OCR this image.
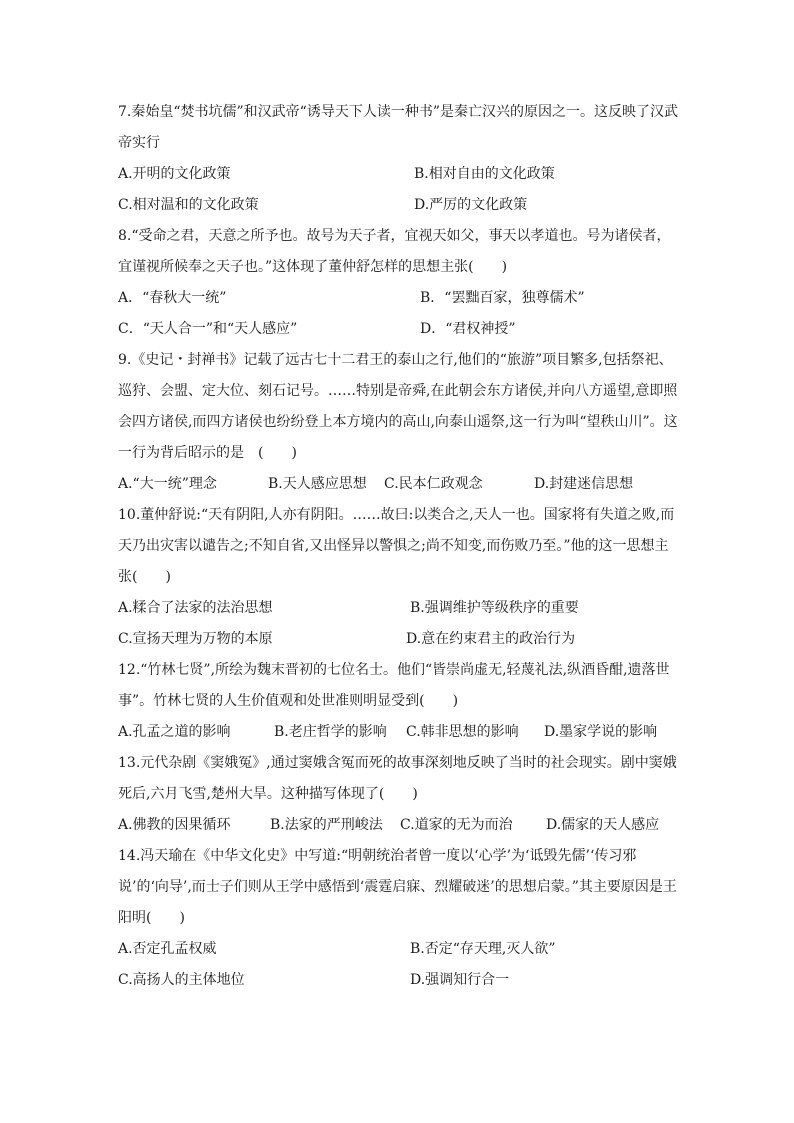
7.秦始皇“焚书坑儒”和汉武帝“诱导天下人读一种书”是秦亡汉兴的原因之一。这反映了汉武帝实行

A.开明的文化政策	B.相对自由的文化政策
C.相对温和的文化政策	D.严厉的文化政策

8.“受命之君，天意之所予也。故号为天子者，宜视天如父，事天以孝道也。号为诸侯者，宜谨视所候奉之天子也。”这体现了董仲舒怎样的思想主张(　　)

A．“春秋大一统”	B．“罢黜百家，独尊儒术”
C．“天人合一”和“天人感应”	D．“君权神授”

9.《史记・封禅书》记载了远古七十二君王的泰山之行,他们的“旅游”项目繁多,包括祭祀、巡狩、会盟、定大位、刻石记号。……特别是帝舜,在此朝会东方诸侯,并向八方遥望,意即照会四方诸侯,而四方诸侯也纷纷登上本方境内的高山,向泰山遥祭,这一行为叫“望秩山川”。这一行为背后昭示的是　(　　)

A.“大一统”理念	B.天人感应思想 C.民本仁政观念	D.封建迷信思想

10.董仲舒说:“天有阴阳,人亦有阴阳。……故曰:以类合之,天人一也。国家将有失道之败,而天乃出灾害以谴告之;不知自省,又出怪异以警惧之;尚不知变,而伤败乃至。”他的这一思想主张(　　)

A.糅合了法家的法治思想	B.强调维护等级秩序的重要
C.宣扬天理为万物的本原	D.意在约束君主的政治行为

12.“竹林七贤”,所绘为魏末晋初的七位名士。他们“皆崇尚虚无,轻蔑礼法,纵酒昏酣,遗落世事”。竹林七贤的人生价值观和处世准则明显受到(　　)

A.孔孟之道的影响	B.老庄哲学的影响 C.韩非思想的影响 D.墨家学说的影响

13.元代杂剧《窦娥冤》,通过窦娥含冤而死的故事深刻地反映了当时的社会现实。剧中窦娥死后,六月飞雪,楚州大旱。这种描写体现了(　　)

A.佛教的因果循环	B.法家的严刑峻法 C.道家的无为而治 D.儒家的天人感应

14.冯天瑜在《中华文化史》中写道:“明朝统治者曾一度以‘心学’为‘诋毁先儒’‘传习邪说’的‘向导’,而士子们则从王学中感悟到‘震霆启寐、烈耀破迷’的思想启蒙。”其主要原因是王阳明(　　)

A.否定孔孟权威	B.否定“存天理,灭人欲”
C.高扬人的主体地位	D.强调知行合一
